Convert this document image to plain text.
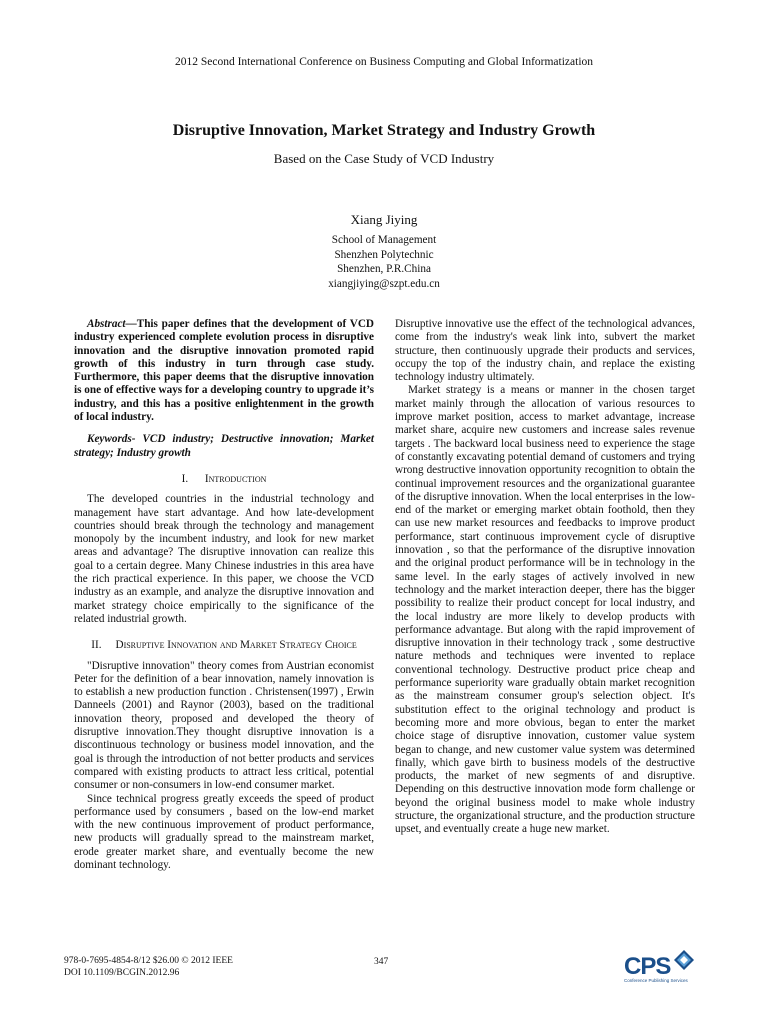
2012 Second International Conference on Business Computing and Global Informatization
Disruptive Innovation, Market Strategy and Industry Growth
Based on the Case Study of VCD Industry
Xiang Jiying
School of Management
Shenzhen Polytechnic
Shenzhen, P.R.China
xiangjiying@szpt.edu.cn

Abstract—This paper defines that the development of VCD industry experienced complete evolution process in disruptive innovation and the disruptive innovation promoted rapid growth of this industry in turn through case study. Furthermore, this paper deems that the disruptive innovation is one of effective ways for a developing country to upgrade it’s industry, and this has a positive enlightenment in the growth of local industry.

Keywords- VCD industry; Destructive innovation; Market strategy; Industry growth

I. Introduction

The developed countries in the industrial technology and management have start advantage. And how late-development countries should break through the technology and management monopoly by the incumbent industry, and look for new market areas and advantage? The disruptive innovation can realize this goal to a certain degree. Many Chinese industries in this area have the rich practical experience. In this paper, we choose the VCD industry as an example, and analyze the disruptive innovation and market strategy choice empirically to the significance of the related industrial growth.

II. Disruptive Innovation and Market Strategy Choice

"Disruptive innovation" theory comes from Austrian economist Peter for the definition of a bear innovation, namely innovation is to establish a new production function . Christensen(1997) , Erwin Danneels (2001) and Raynor (2003), based on the traditional innovation theory, proposed and developed the theory of disruptive innovation.They thought disruptive innovation is a discontinuous technology or business model innovation, and the goal is through the introduction of not better products and services compared with existing products to attract less critical, potential consumer or non-consumers in low-end consumer market.

Since technical progress greatly exceeds the speed of product performance used by consumers , based on the low-end market with the new continuous improvement of product performance, new products will gradually spread to the mainstream market, erode greater market share, and eventually become the new dominant technology.

Disruptive innovative use the effect of the technological advances, come from the industry's weak link into, subvert the market structure, then continuously upgrade their products and services, occupy the top of the industry chain, and replace the existing technology industry ultimately.

Market strategy is a means or manner in the chosen target market mainly through the allocation of various resources to improve market position, access to market advantage, increase market share, acquire new customers and increase sales revenue targets . The backward local business need to experience the stage of constantly excavating potential demand of customers and trying wrong destructive innovation opportunity recognition to obtain the continual improvement resources and the organizational guarantee of the disruptive innovation. When the local enterprises in the low-end of the market or emerging market obtain foothold, then they can use new market resources and feedbacks to improve product performance, start continuous improvement cycle of disruptive innovation , so that the performance of the disruptive innovation and the original product performance will be in technology in the same level. In the early stages of actively involved in new technology and the market interaction deeper, there has the bigger possibility to realize their product concept for local industry, and the local industry are more likely to develop products with performance advantage. But along with the rapid improvement of disruptive innovation in their technology track , some destructive nature methods and techniques were invented to replace conventional technology. Destructive product price cheap and performance superiority ware gradually obtain market recognition as the mainstream consumer group's selection object. It's substitution effect to the original technology and product is becoming more and more obvious, began to enter the market choice stage of disruptive innovation, customer value system began to change, and new customer value system was determined finally, which gave birth to business models of the destructive products, the market of new segments of and disruptive. Depending on this destructive innovation mode form challenge or beyond the original business model to make whole industry structure, the organizational structure, and the production structure upset, and eventually create a huge new market.

978-0-7695-4854-8/12 $26.00 © 2012 IEEE
DOI 10.1109/BCGIN.2012.96
347	CPS
Conference Publishing Services
